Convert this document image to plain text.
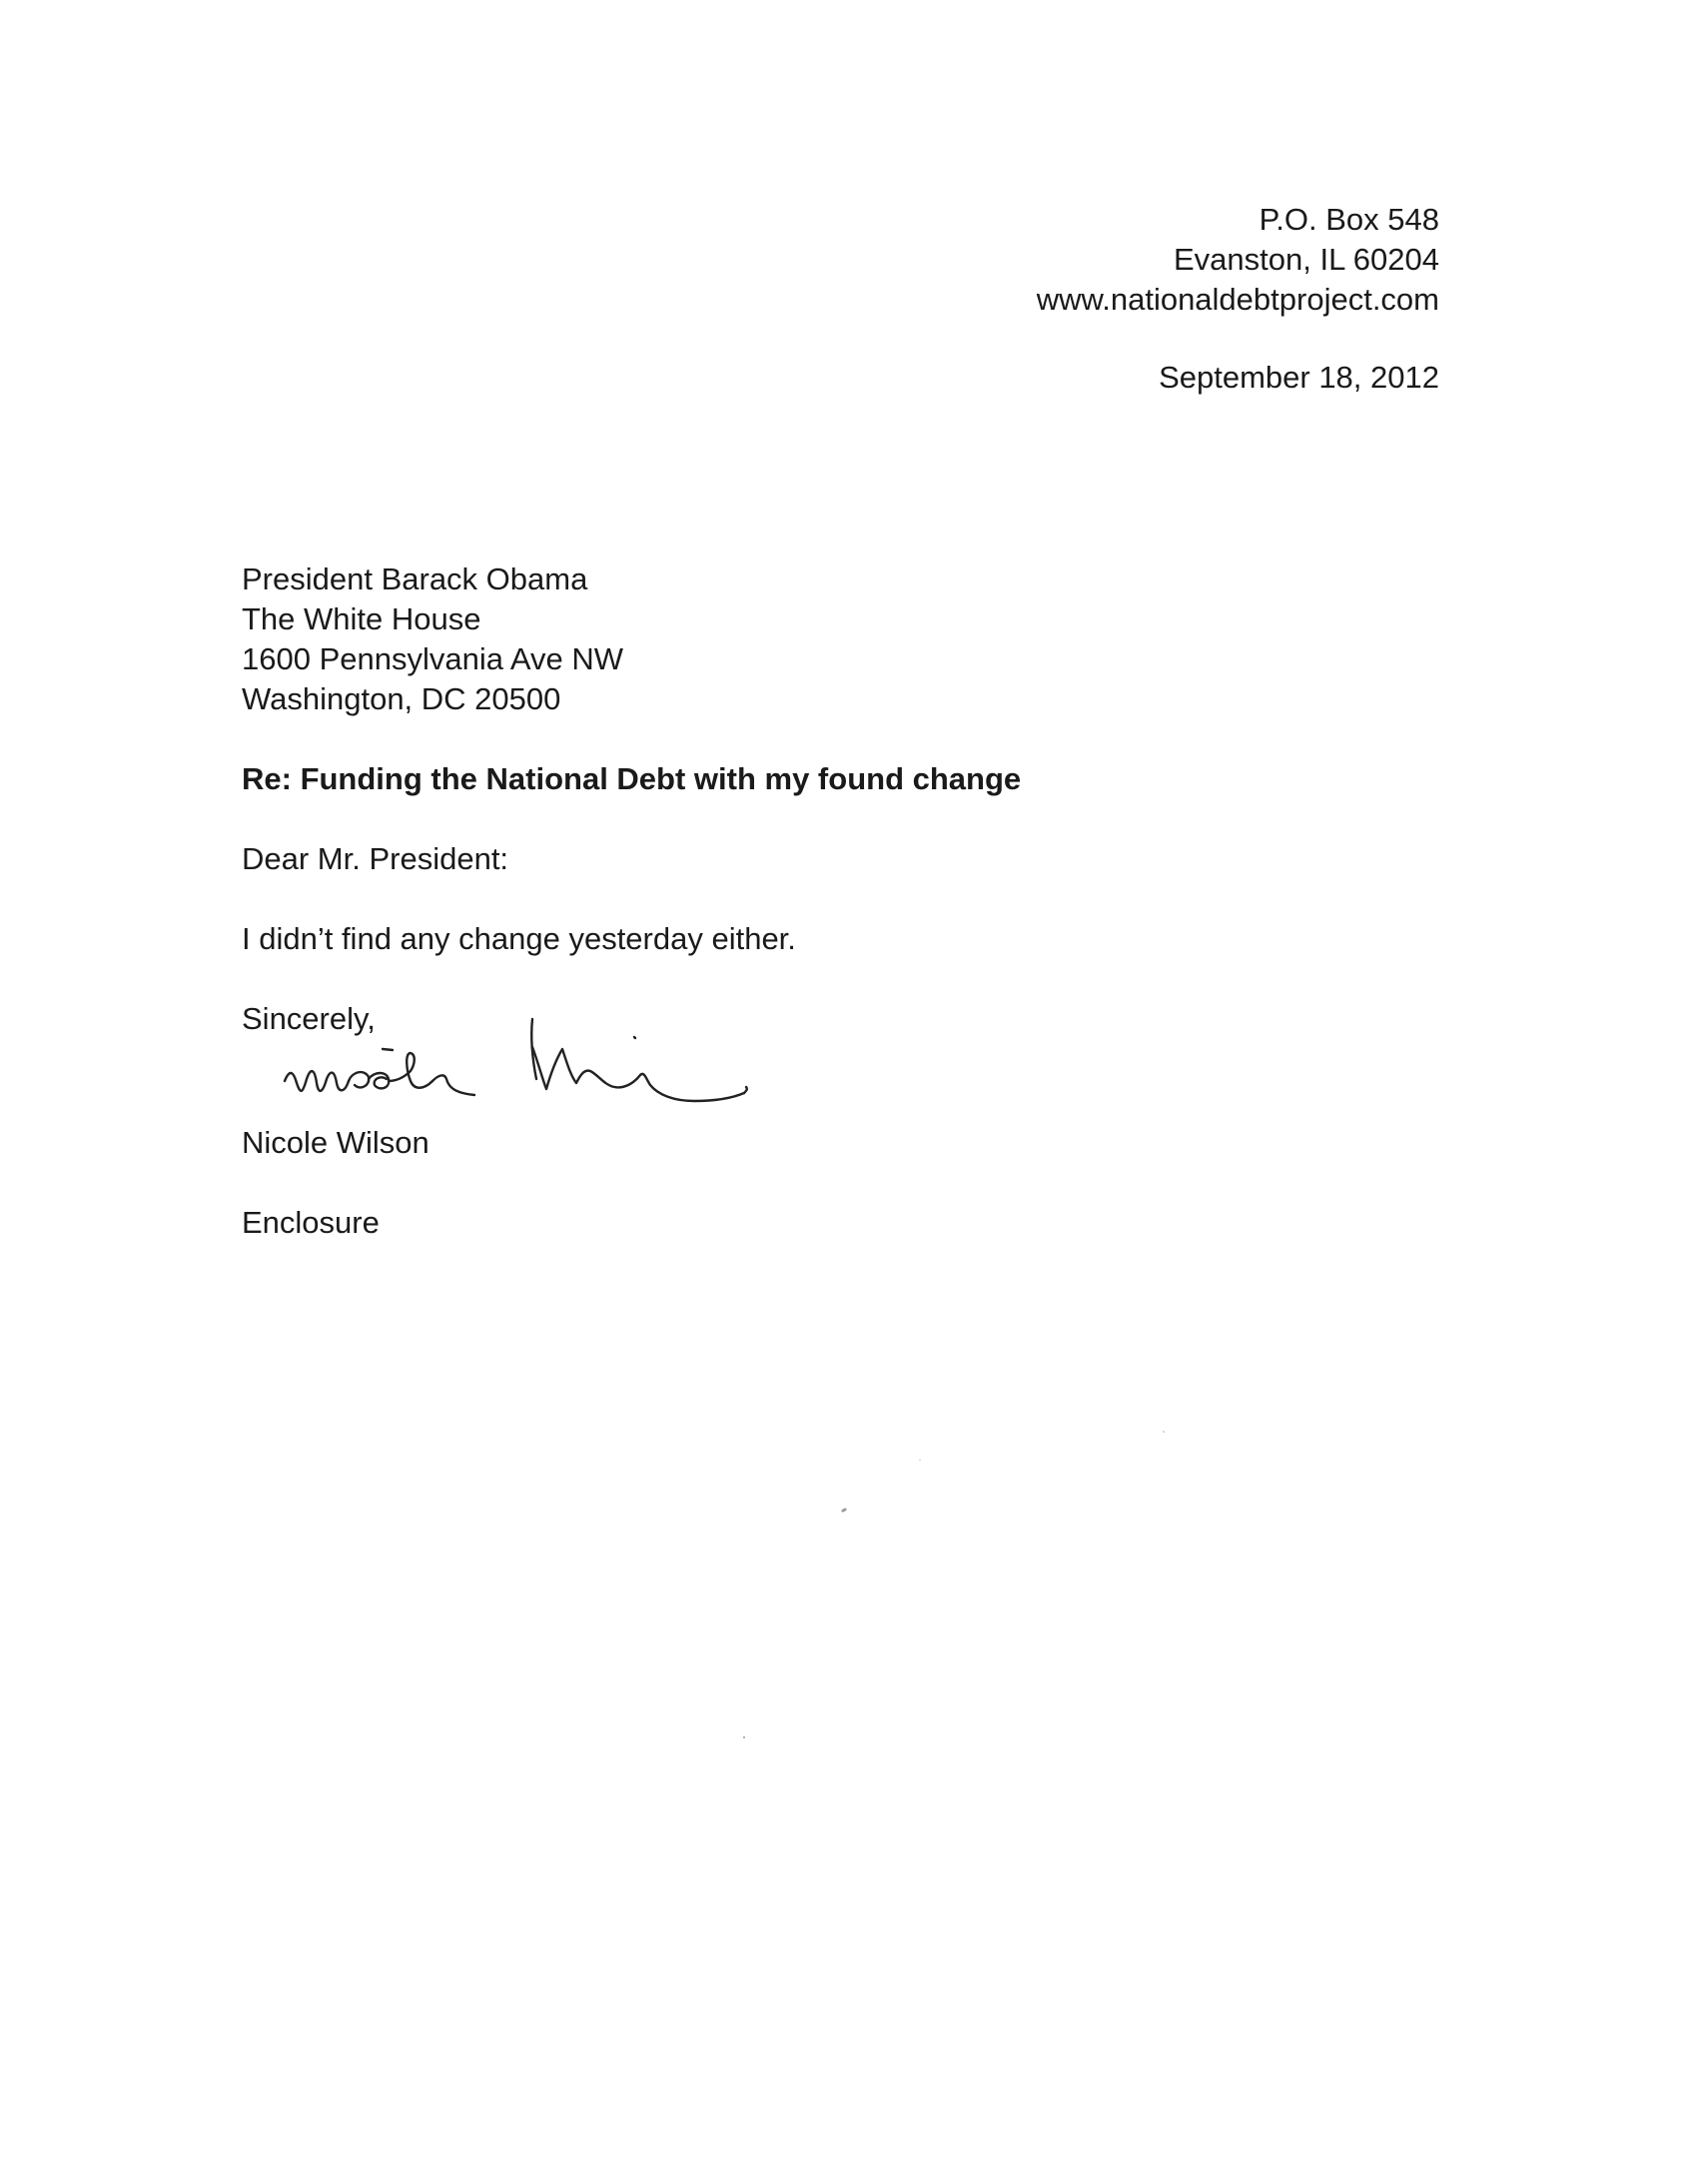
P.O. Box 548
Evanston, IL 60204
www.nationaldebtproject.com
September 18, 2012
President Barack Obama
The White House
1600 Pennsylvania Ave NW
Washington, DC 20500
Re: Funding the National Debt with my found change
Dear Mr. President:
I didn’t find any change yesterday either.
Sincerely,
Nicole Wilson
Enclosure
